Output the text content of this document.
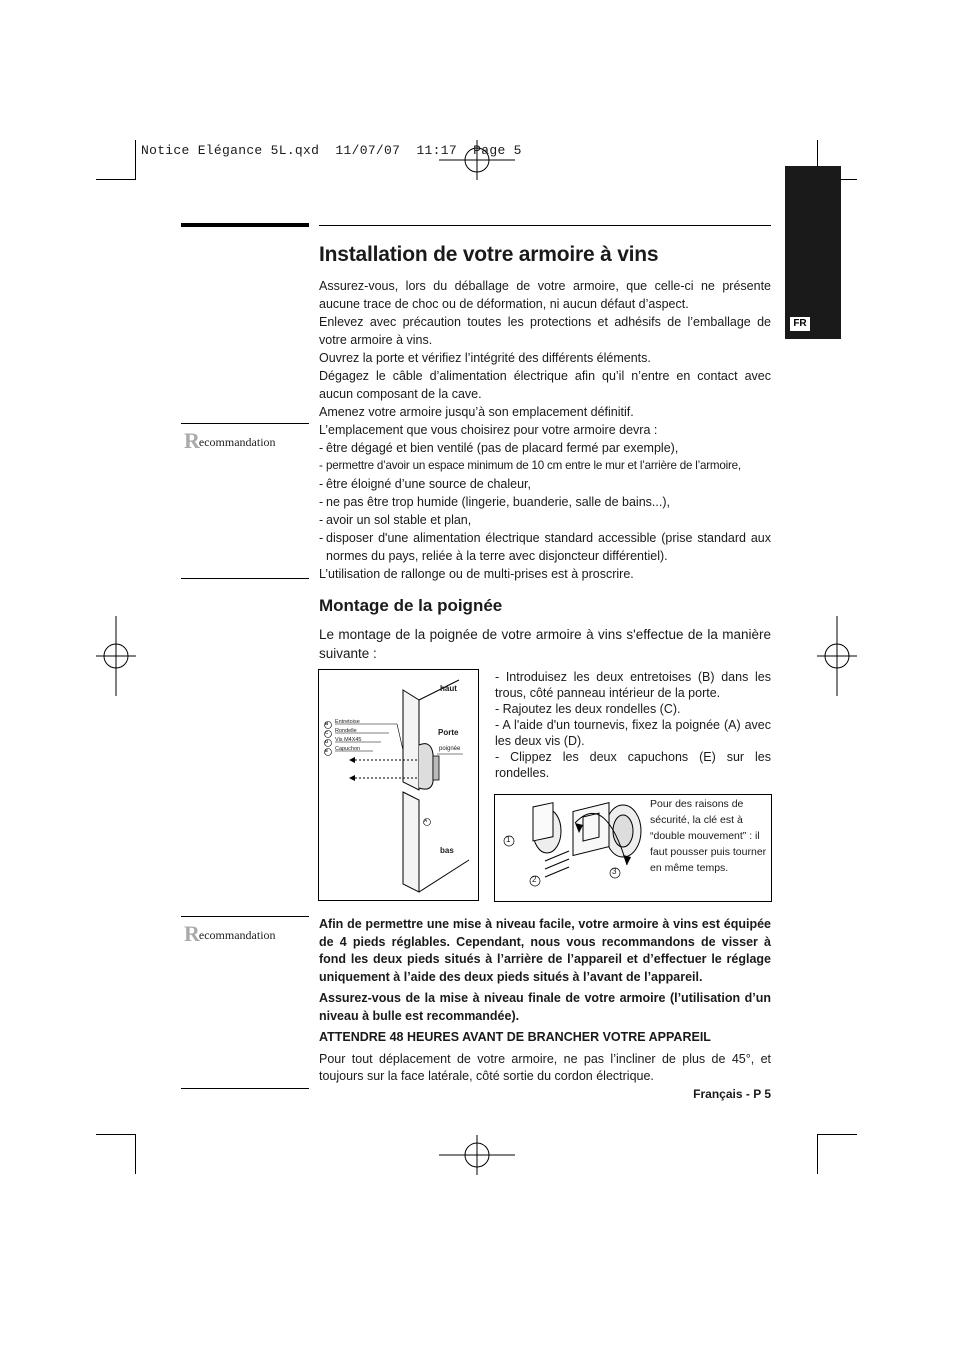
Notice Elégance 5L.qxd  11/07/07  11:17  Page 5
FR
Installation de votre armoire à vins

Assurez-vous, lors du déballage de votre armoire, que celle-ci ne présente aucune trace de choc ou de déformation, ni aucun défaut d’aspect.

Enlevez avec précaution toutes les protections et adhésifs de l’emballage de votre armoire à vins.

Ouvrez la porte et vérifiez l’intégrité des différents éléments.

Dégagez le câble d’alimentation électrique afin qu’il n’entre en contact avec aucun composant de la cave.

Amenez votre armoire jusqu’à son emplacement définitif.

L’emplacement que vous choisirez pour votre armoire devra :

- être dégagé et bien ventilé (pas de placard fermé par exemple),
- permettre d’avoir un espace minimum de 10 cm entre le mur et l’arrière de l’armoire,
- être éloigné d’une source de chaleur,
- ne pas être trop humide (lingerie, buanderie, salle de bains...),
- avoir un sol stable et plan,
- disposer d'une alimentation électrique standard accessible (prise standard aux normes du pays, reliée à la terre avec disjoncteur différentiel).

L’utilisation de rallonge ou de multi-prises est à proscrire.

Recommandation
Montage de la poignée

Le montage de la poignée de votre armoire à vins s'effectue de la manière suivante :

haut
Porte
poignée
bas
Entretoise
Rondelle
Vis M4X45
Capuchon
B
C
D
E
A

- Introduisez les deux entretoises (B) dans les trous, côté panneau intérieur de la porte.

- Rajoutez les deux rondelles (C).

- A l'aide d'un tournevis, fixez la poignée (A) avec les deux vis (D).

- Clippez les deux capuchons (E) sur les rondelles.

1
2
3
Pour des raisons de sécurité, la clé est à “double mouvement” : il faut pousser puis tourner en même temps.
Recommandation

Afin de permettre une mise à niveau facile, votre armoire à vins est équipée de 4 pieds réglables. Cependant, nous vous recommandons de visser à fond les deux pieds situés à l’arrière de l’appareil et d’effectuer le réglage uniquement à l’aide des deux pieds situés à l’avant de l’appareil.

Assurez-vous de la mise à niveau finale de votre armoire (l’utilisation d’un niveau à bulle est recommandée).

ATTENDRE 48 HEURES AVANT DE BRANCHER VOTRE APPAREIL

Pour tout déplacement de votre armoire, ne pas l’incliner de plus de 45°, et toujours sur la face latérale, côté sortie du cordon électrique.

Français - P 5
